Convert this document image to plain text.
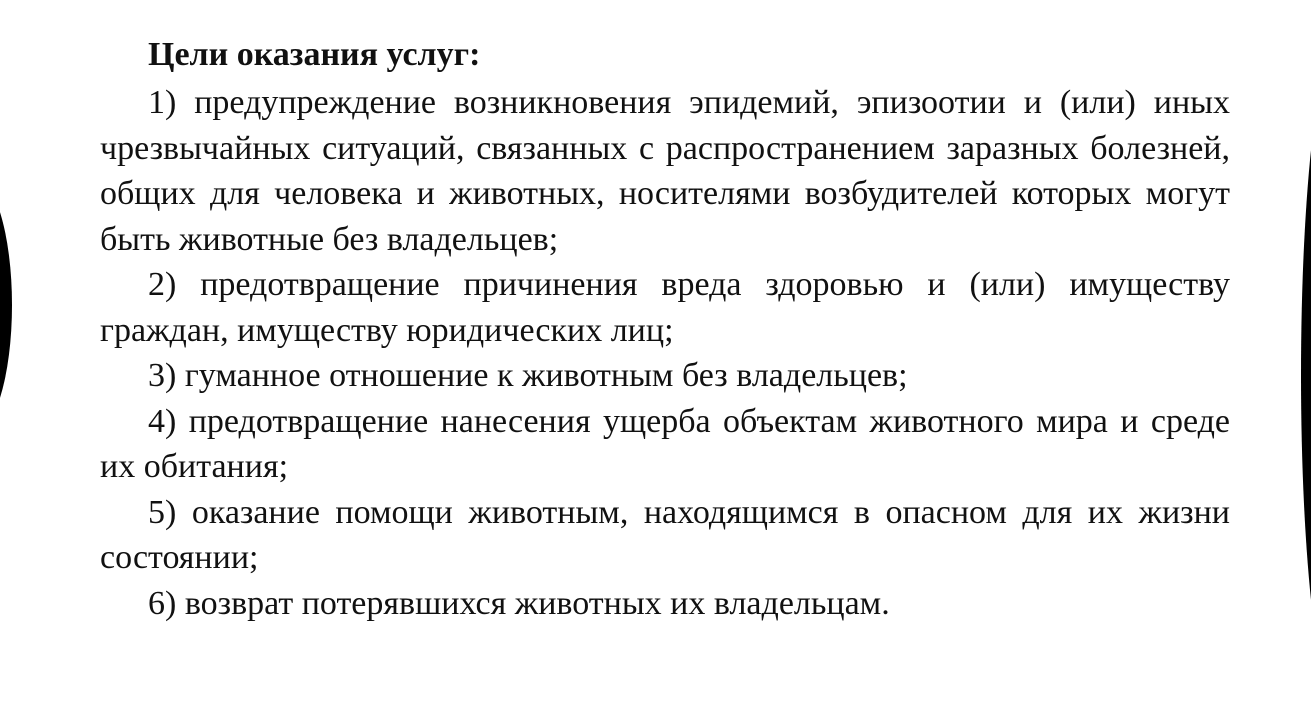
Цели оказания услуг:

1) предупреждение возникновения эпидемий, эпизоотии и (или) иных чрезвычайных ситуаций, связанных с распространением заразных болезней, общих для человека и животных, носителями возбудителей которых могут быть животные без владельцев;

2) предотвращение причинения вреда здоровью и (или) имуществу граждан, имуществу юридических лиц;

3) гуманное отношение к животным без владельцев;

4) предотвращение нанесения ущерба объектам животного мира и среде их обитания;

5) оказание помощи животным, находящимся в опасном для их жизни состоянии;

6) возврат потерявшихся животных их владельцам.
